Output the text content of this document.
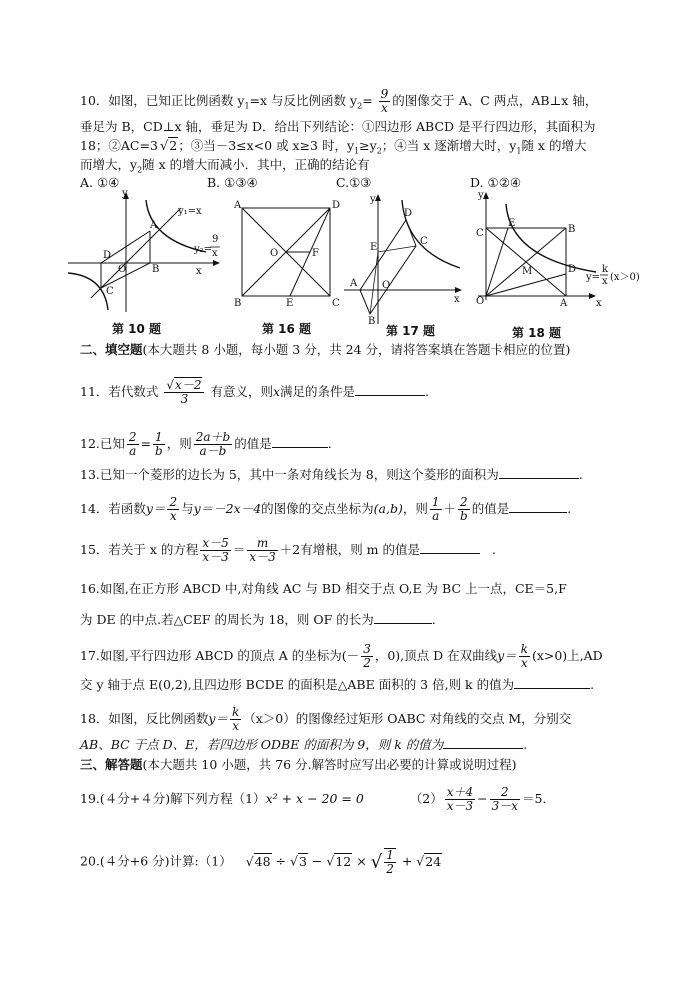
10．如图，已知正比例函数 $y_1=x$ 与反比例函数 $y_2= \frac{9}{x}$ 的图像交于 A、C 两点，AB⊥x 轴，
垂足为 B，CD⊥x 轴，垂足为 D．给出下列结论：①四边形 ABCD 是平行四边形，其面积为
18；②AC=3 √2；③当－3≤x<0 或 x≥3 时，$y_1\ge y_2$；④当 x 逐渐增大时，$y_1$随 x 的增大
而增大，$y_2$随 x 的增大而减小．其中，正确的结论有
A. ①④	B. ①③④	C.①③	D. ①②④
y
y₁=x
A
D
O	B	x
C
y₂=
9
x
第 10 题
A	D
O	F
B	E	C
第 16 题
y
D
C
E
A O
x
B
第 17 题
y
C
E
B
M	D
O	A	x
y=
k
x (x＞0)
第 18 题
二、填空题(本大题共 8 小题，每小题 3 分，共 24 分，请将答案填在答题卡相应的位置)
11．若代数式 $\frac{√x-2}{3}$ 有意义，则x满足的条件是	.
12.已知 $\frac{2}{a} = \frac{1}{b}$ ，则 $\frac{2a+b}{a-b}$ 的值是	.
13.已知一个菱形的边长为 5，其中一条对角线长为 8，则这个菱形的面积为	.
14．若函数$y= \frac{2}{x}$ 与y＝－2x－4的图像的交点坐标为(a,b)，则 $\frac{1}{a} + \frac{2}{b}$ 的值是	.
15．若关于 x 的方程 $\frac{x-5}{x-3} = \frac{m}{x-3} +2$有增根，则 m 的值是	.
16.如图,在正方形 ABCD 中,对角线 AC 与 BD 相交于点 O,E 为 BC 上一点，CE＝5,F
为 DE 的中点.若△CEF 的周长为 18，则 OF 的长为	.
17.如图,平行四边形 ABCD 的顶点 A 的坐标为(－ $\frac{3}{2}$ ，0),顶点 D 在双曲线$y= \frac{k}{x} (x>0)$上,AD
交 y 轴于点 E(0,2),且四边形 BCDE 的面积是△ABE 面积的 3 倍,则 k 的值为	.
18．如图，反比例函数$y= \frac{k}{x} (x>0)$的图像经过矩形 OABC 对角线的交点 M，分别交
AB、BC 于点 D、E，若四边形 ODBE 的面积为 9，则 k 的值为	.
三、解答题(本大题共 10 小题，共 76 分.解答时应写出必要的计算或说明过程)
19.(４分+４分)解下列方程（1）x² + x − 20 = 0	$(2) \frac{x+4}{x-3} - \frac{2}{3-x} =5$．
20.(４分+6 分)计算:（1） √48 ÷ √3 − √12 × √ $\frac{1}{2} + √24$
